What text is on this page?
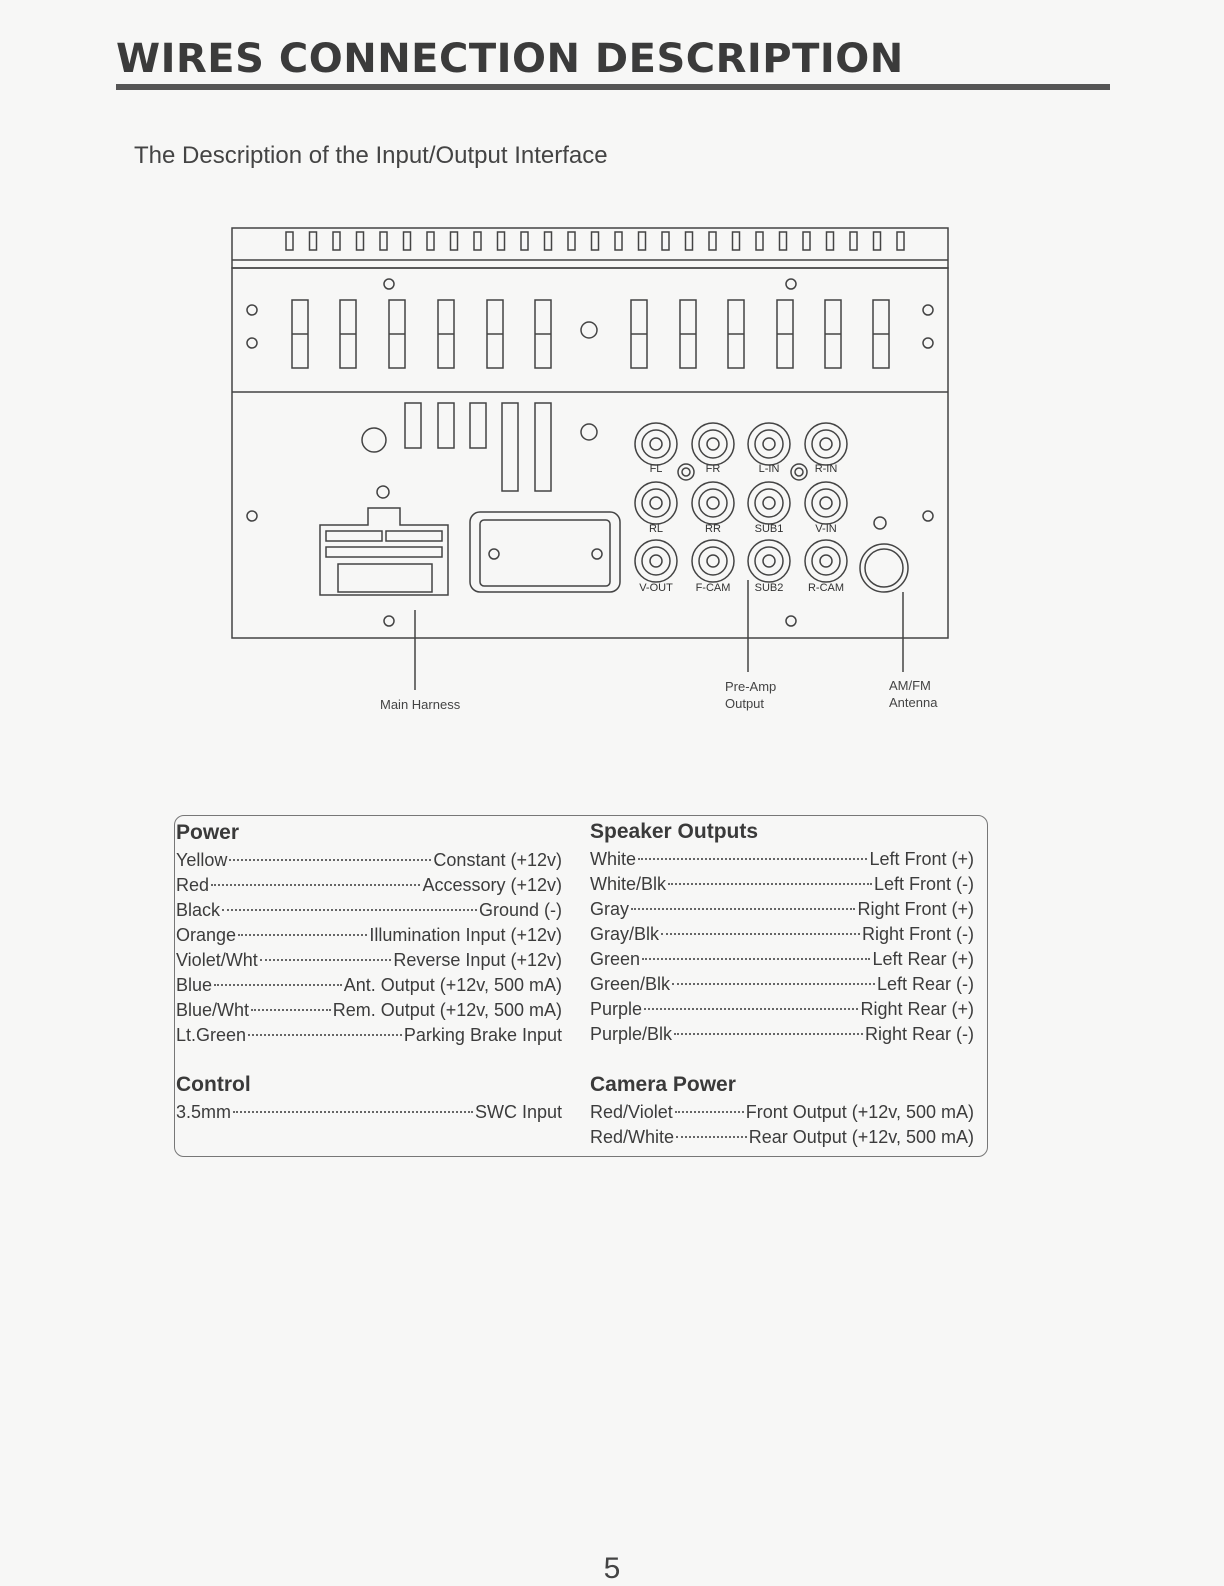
WIRES CONNECTION DESCRIPTION
The Description of the Input/Output Interface
FL	FR	L-IN	R-IN
RL	RR	SUB1	V-IN
V-OUT F-CAM SUB2 R-CAM
Main Harness
Pre-Amp
Output
AM/FM
Antenna
Power
Yellow	Constant (+12v)
Red	Accessory (+12v)
Black	Ground (-)
Orange	Illumination Input (+12v)
Violet/Wht	Reverse Input (+12v)
Blue	Ant. Output (+12v, 500 mA)
Blue/Wht	Rem. Output (+12v, 500 mA)
Lt.Green	Parking Brake Input
Control
3.5mm	SWC Input
Speaker Outputs
White	Left Front (+)
White/Blk	Left Front (-)
Gray	Right Front (+)
Gray/Blk	Right Front (-)
Green	Left Rear (+)
Green/Blk	Left Rear (-)
Purple	Right Rear (+)
Purple/Blk	Right Rear (-)
Camera Power
Red/Violet	Front Output (+12v, 500 mA)
Red/White	Rear Output (+12v, 500 mA)
5
